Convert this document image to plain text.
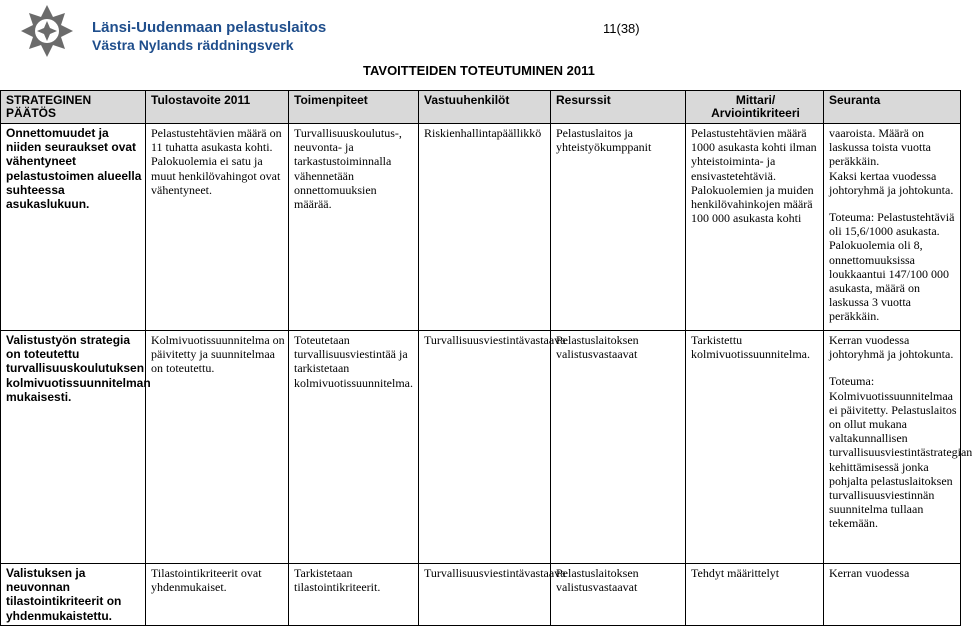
Länsi-Uudenmaan pelastuslaitos
Västra Nylands räddningsverk
11(38)
TAVOITTEIDEN TOTEUTUMINEN 2011
STRATEGINEN PÄÄTÖS	Tulostavoite 2011	Toimenpiteet	Vastuuhenkilöt	Resurssit	Mittari/ Arviointikriteeri	Seuranta
Onnettomuudet ja niiden seuraukset ovat vähentyneet pelastustoimen alueella suhteessa asukaslukuun.	Pelastustehtävien määrä on 11 tuhatta asukasta kohti. Palokuolemia ei satu ja muut henkilövahingot ovat vähentyneet.	Turvallisuuskoulutus-, neuvonta- ja tarkastustoiminnalla vähennetään onnettomuuksien määrää.	Riskienhallintapäällikkö	Pelastuslaitos ja yhteistyökumppanit	Pelastustehtävien määrä 1000 asukasta kohti ilman yhteistoiminta- ja ensivastetehtäviä. Palokuolemien ja muiden henkilövahinkojen määrä 100 000 asukasta kohti	vaaroista. Määrä on laskussa toista vuotta peräkkäin.

Kaksi kertaa vuodessa johtoryhmä ja johtokunta.

Toteuma: Pelastustehtäviä oli 15,6/1000 asukasta. Palokuolemia oli 8, onnettomuuksissa loukkaantui 147/100 000 asukasta, määrä on laskussa 3 vuotta peräkkäin.

Valistustyön strategia on toteutettu turvallisuuskoulutuksen kolmivuotissuunnitelman mukaisesti.	Kolmivuotissuunnitelma on päivitetty ja suunnitelmaa on toteutettu.	Toteutetaan turvallisuusviestintää ja tarkistetaan kolmivuotissuunnitelma.	Turvallisuusviestintävastaava	Pelastuslaitoksen valistusvastaavat	Tarkistettu kolmivuotissuunnitelma.	Kerran vuodessa johtoryhmä ja johtokunta.

Toteuma: Kolmivuotissuunnitelmaa ei päivitetty. Pelastuslaitos on ollut mukana valtakunnallisen turvallisuusviestintästrategian kehittämisessä jonka pohjalta pelastuslaitoksen turvallisuusviestinnän suunnitelma tullaan tekemään.

Valistuksen ja neuvonnan tilastointikriteerit on yhdenmukaistettu.	Tilastointikriteerit ovat yhdenmukaiset.	Tarkistetaan tilastointikriteerit.	Turvallisuusviestintävastaava	Pelastuslaitoksen valistusvastaavat	Tehdyt määrittelyt	Kerran vuodessa
